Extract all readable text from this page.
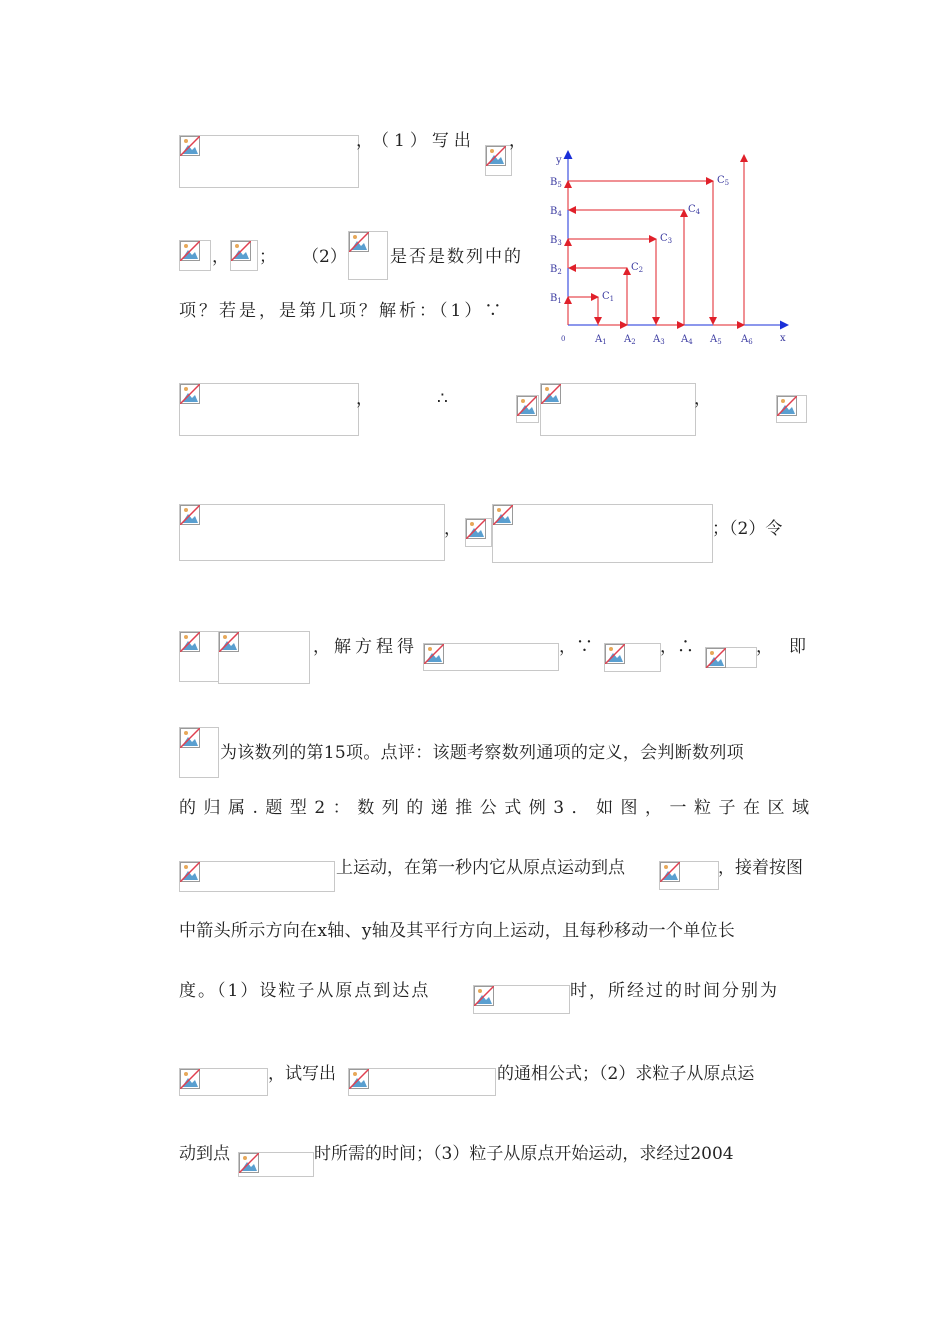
， （1）写出 ，
y
x
$_0$
$B_1$
$B_2$
$B_3$
$B_4$
$B_5$
$C_1$
$C_2$
$C_3$
$C_4$
$C_5$
$A_1$ $A_2$ $A_3$ $A_4$ $A_5$ $A_6$
， ； （2）	是否是数列中的
项？若是，是第几项？解析：（1）∵
，	∴	，
，	；（2）令
，解方程得	，∵	，∴	， 即
为该数列的第15项。点评：该题考察数列通项的定义，会判断数列项
的归属.题型2：数列的递推公式例3．如图，一粒子在区域
上运动，在第一秒内它从原点运动到点	，接着按图
中箭头所示方向在x轴、y轴及其平行方向上运动，且每秒移动一个单位长
度。（1）设粒子从原点到达点	时，所经过的时间分别为
，试写出	的通相公式；（2）求粒子从原点运
动到点	时所需的时间；（3）粒子从原点开始运动，求经过2004
